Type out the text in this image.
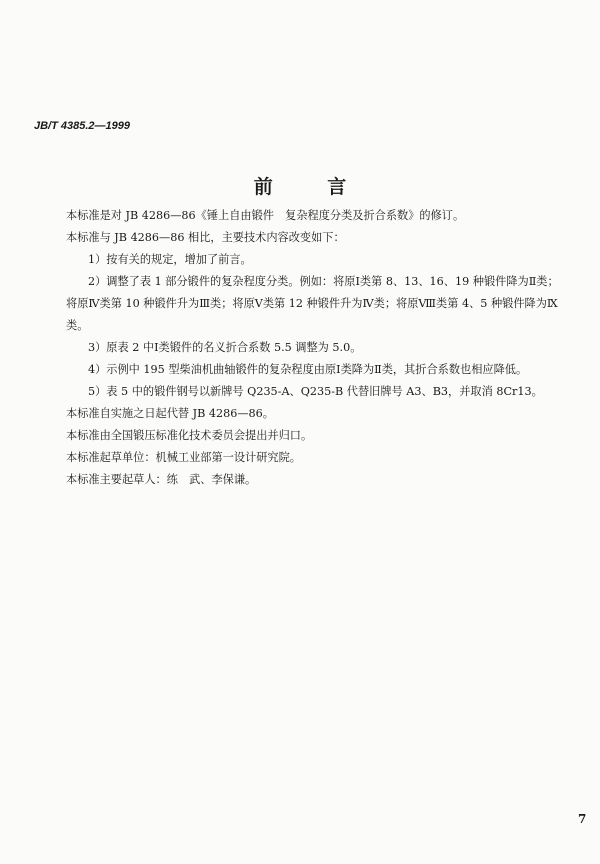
JB/T 4385.2—1999
前 言
本标准是对 JB 4286—86《锤上自由锻件　复杂程度分类及折合系数》的修订。
本标准与 JB 4286—86 相比，主要技术内容改变如下：
1）按有关的规定，增加了前言。
2）调整了表 1 部分锻件的复杂程度分类。例如：将原Ⅰ类第 8、13、16、19 种锻件降为Ⅱ类；
将原Ⅳ类第 10 种锻件升为Ⅲ类；将原Ⅴ类第 12 种锻件升为Ⅳ类；将原Ⅷ类第 4、5 种锻件降为Ⅸ
类。
3）原表 2 中Ⅰ类锻件的名义折合系数 5.5 调整为 5.0。
4）示例中 195 型柴油机曲轴锻件的复杂程度由原Ⅰ类降为Ⅱ类，其折合系数也相应降低。
5）表 5 中的锻件钢号以新牌号 Q235-A、Q235-B 代替旧牌号 A3、B3，并取消 8Cr13。
本标准自实施之日起代替 JB 4286—86。
本标准由全国锻压标准化技术委员会提出并归口。
本标准起草单位：机械工业部第一设计研究院。
本标准主要起草人：练　武、李保谦。
7
